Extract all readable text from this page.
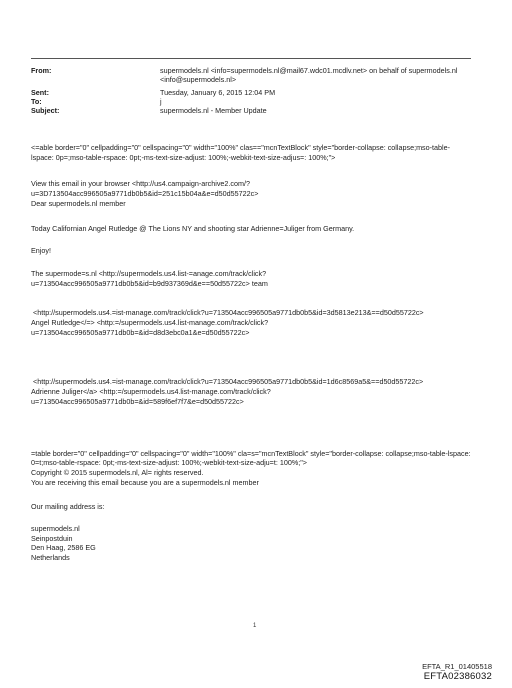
From:	supermodels.nl <info=supermodels.nl@mail67.wdc01.mcdlv.net> on behalf of supermodels.nl <info@supermodels.nl>
Sent:	Tuesday, January 6, 2015 12:04 PM
To:	j
Subject:	supermodels.nl - Member Update

<=able border="0" cellpadding="0" cellspacing="0" width="100%" clas=="mcnTextBlock" style="border-collapse: collapse;mso-table-lspace: 0p=;mso-table-rspace: 0pt;-ms-text-size-adjust: 100%;-webkit-text-size-adjus=: 100%;">

View this email in your browser <http://us4.campaign-archive2.com/?u=3D713504acc996505a9771db0b5&id=251c15b04a&e=d50d55722c>
Dear supermodels.nl member

Today Californian Angel Rutledge @ The Lions NY and shooting star Adrienne=Juliger from Germany.

Enjoy!

The supermode=s.nl <http://supermodels.us4.list-=anage.com/track/click?u=713504acc996505a9771db0b5&id=b9d937369d&e==50d55722c> team

<http://supermodels.us4.=ist-manage.com/track/click?u=713504acc996505a9771db0b5&id=3d5813e213&==d50d55722c>
Angel Rutledge</=> <http:=/supermodels.us4.list-manage.com/track/click?u=713504acc996505a9771db0b=&id=d8d3ebc0a1&e=d50d55722c>

<http://supermodels.us4.=ist-manage.com/track/click?u=713504acc996505a9771db0b5&id=1d6c8569a5&==d50d55722c>
Adrienne Juliger</a> <http:=/supermodels.us4.list-manage.com/track/click?u=713504acc996505a9771db0b=&id=589f6ef7f7&e=d50d55722c>

=table border="0" cellpadding="0" cellspacing="0" width="100%" cla=s="mcnTextBlock" style="border-collapse: collapse;mso-table-lspace: 0=t;mso-table-rspace: 0pt;-ms-text-size-adjust: 100%;-webkit-text-size-adju=t: 100%;">
Copyright © 2015 supermodels.nl, Al= rights reserved.
You are receiving this email because you are a supermodels.nl member

Our mailing address is:

supermodels.nl
Seinpostduin
Den Haag, 2586 EG
Netherlands

1
EFTA_R1_01405518
EFTA02386032
